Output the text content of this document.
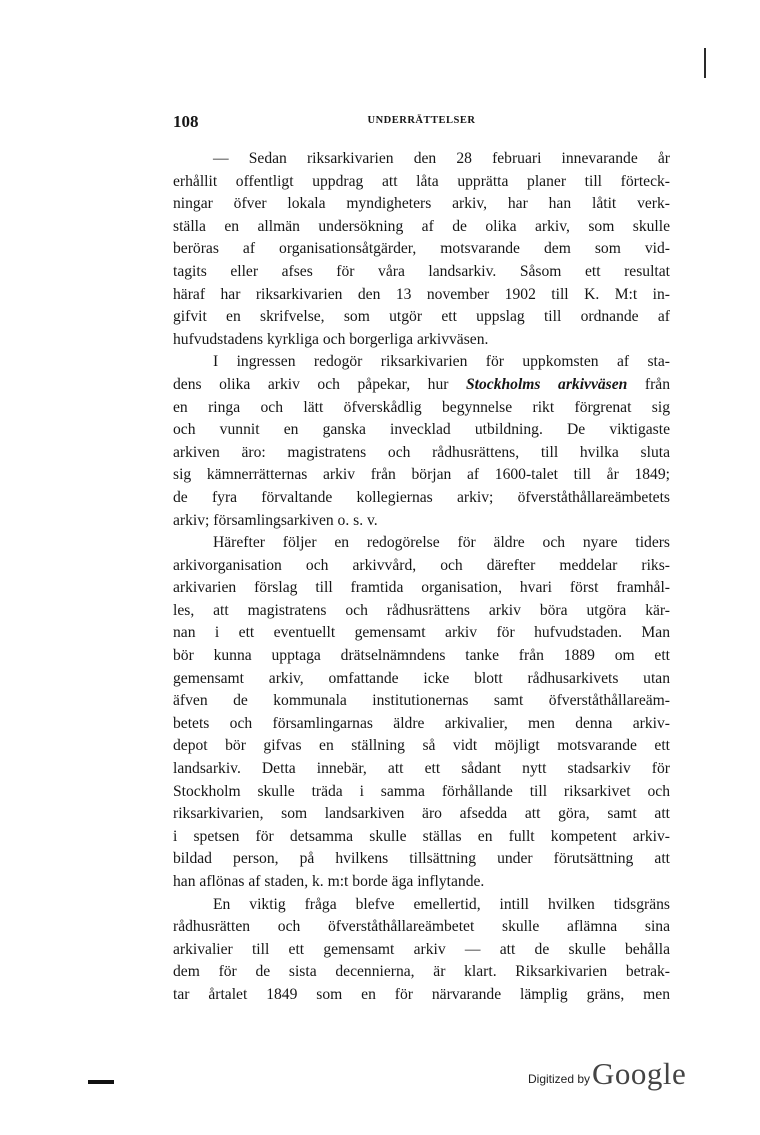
108	UNDERRÄTTELSER
— Sedan riksarkivarien den 28 februari innevarande år
erhållit offentligt uppdrag att låta upprätta planer till förteck-
ningar öfver lokala myndigheters arkiv, har han låtit verk-
ställa en allmän undersökning af de olika arkiv, som skulle
beröras af organisationsåtgärder, motsvarande dem som vid-
tagits eller afses för våra landsarkiv. Såsom ett resultat
häraf har riksarkivarien den 13 november 1902 till K. M:t in-
gifvit en skrifvelse, som utgör ett uppslag till ordnande af
hufvudstadens kyrkliga och borgerliga arkivväsen.
I ingressen redogör riksarkivarien för uppkomsten af sta-
dens olika arkiv och påpekar, hur Stockholms arkivväsen från
en ringa och lätt öfverskådlig begynnelse rikt förgrenat sig
och vunnit en ganska invecklad utbildning. De viktigaste
arkiven äro: magistratens och rådhusrättens, till hvilka sluta
sig kämnerrätternas arkiv från början af 1600-talet till år 1849;
de fyra förvaltande kollegiernas arkiv; öfverståthållareämbetets
arkiv; församlingsarkiven o. s. v.
Härefter följer en redogörelse för äldre och nyare tiders
arkivorganisation och arkivvård, och därefter meddelar riks-
arkivarien förslag till framtida organisation, hvari först framhål-
les, att magistratens och rådhusrättens arkiv böra utgöra kär-
nan i ett eventuellt gemensamt arkiv för hufvudstaden. Man
bör kunna upptaga drätselnämndens tanke från 1889 om ett
gemensamt arkiv, omfattande icke blott rådhusarkivets utan
äfven de kommunala institutionernas samt öfverståthållareäm-
betets och församlingarnas äldre arkivalier, men denna arkiv-
depot bör gifvas en ställning så vidt möjligt motsvarande ett
landsarkiv. Detta innebär, att ett sådant nytt stadsarkiv för
Stockholm skulle träda i samma förhållande till riksarkivet och
riksarkivarien, som landsarkiven äro afsedda att göra, samt att
i spetsen för detsamma skulle ställas en fullt kompetent arkiv-
bildad person, på hvilkens tillsättning under förutsättning att
han aflönas af staden, k. m:t borde äga inflytande.
En viktig fråga blefve emellertid, intill hvilken tidsgräns
rådhusrätten och öfverståthållareämbetet skulle aflämna sina
arkivalier till ett gemensamt arkiv — att de skulle behålla
dem för de sista decennierna, är klart. Riksarkivarien betrak-
tar årtalet 1849 som en för närvarande lämplig gräns, men
Digitized by Google
